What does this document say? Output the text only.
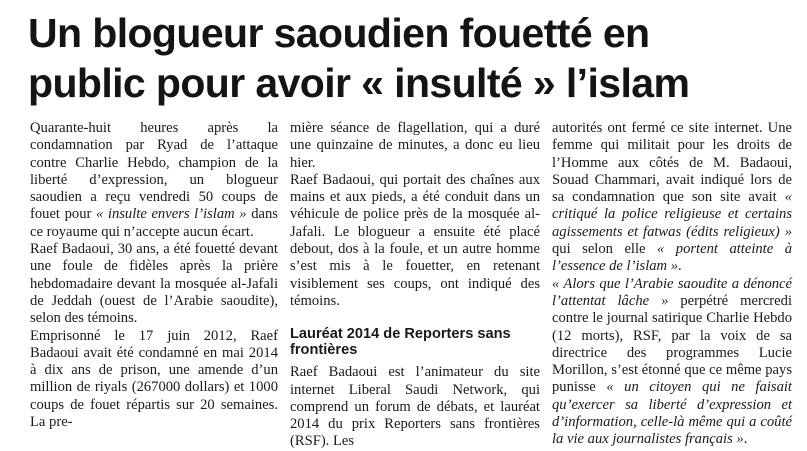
Un blogueur saoudien fouetté en
public pour avoir « insulté » l’islam

Quarante-huit heures après la condamnation par Ryad de l’attaque contre Charlie Hebdo, champion de la liberté d’expression, un blogueur saoudien a reçu vendredi 50 coups de fouet pour « insulte envers l’islam » dans ce royaume qui n’accepte aucun écart.

Raef Badaoui, 30 ans, a été fouetté devant une foule de fidèles après la prière hebdomadaire devant la mosquée al-Jafali de Jeddah (ouest de l’Arabie saoudite), selon des témoins.

Emprisonné le 17 juin 2012, Raef Badaoui avait été condamné en mai 2014 à dix ans de prison, une amende d’un million de riyals (267000 dollars) et 1000 coups de fouet répartis sur 20 semaines. La pre-

mière séance de flagellation, qui a duré une quinzaine de minutes, a donc eu lieu hier.

Raef Badaoui, qui portait des chaînes aux mains et aux pieds, a été conduit dans un véhicule de police près de la mosquée al-Jafali. Le blogueur a ensuite été placé debout, dos à la foule, et un autre homme s’est mis à le fouetter, en retenant visiblement ses coups, ont indiqué des témoins.

Lauréat 2014 de Reporters sans frontières

Raef Badaoui est l’animateur du site internet Liberal Saudi Network, qui comprend un forum de débats, et lauréat 2014 du prix Reporters sans frontières (RSF). Les

autorités ont fermé ce site internet. Une femme qui militait pour les droits de l’Homme aux côtés de M. Badaoui, Souad Chammari, avait indiqué lors de sa condamnation que son site avait « critiqué la police religieuse et certains agissements et fatwas (édits religieux) » qui selon elle « portent atteinte à l’essence de l’islam ».

« Alors que l’Arabie saoudite a dénoncé l’attentat lâche » perpétré mercredi contre le journal satirique Charlie Hebdo (12 morts), RSF, par la voix de sa directrice des programmes Lucie Morillon, s’est étonné que ce même pays punisse « un citoyen qui ne faisait qu’exercer sa liberté d’expression et d’information, celle-là même qui a coûté la vie aux journalistes français ».
